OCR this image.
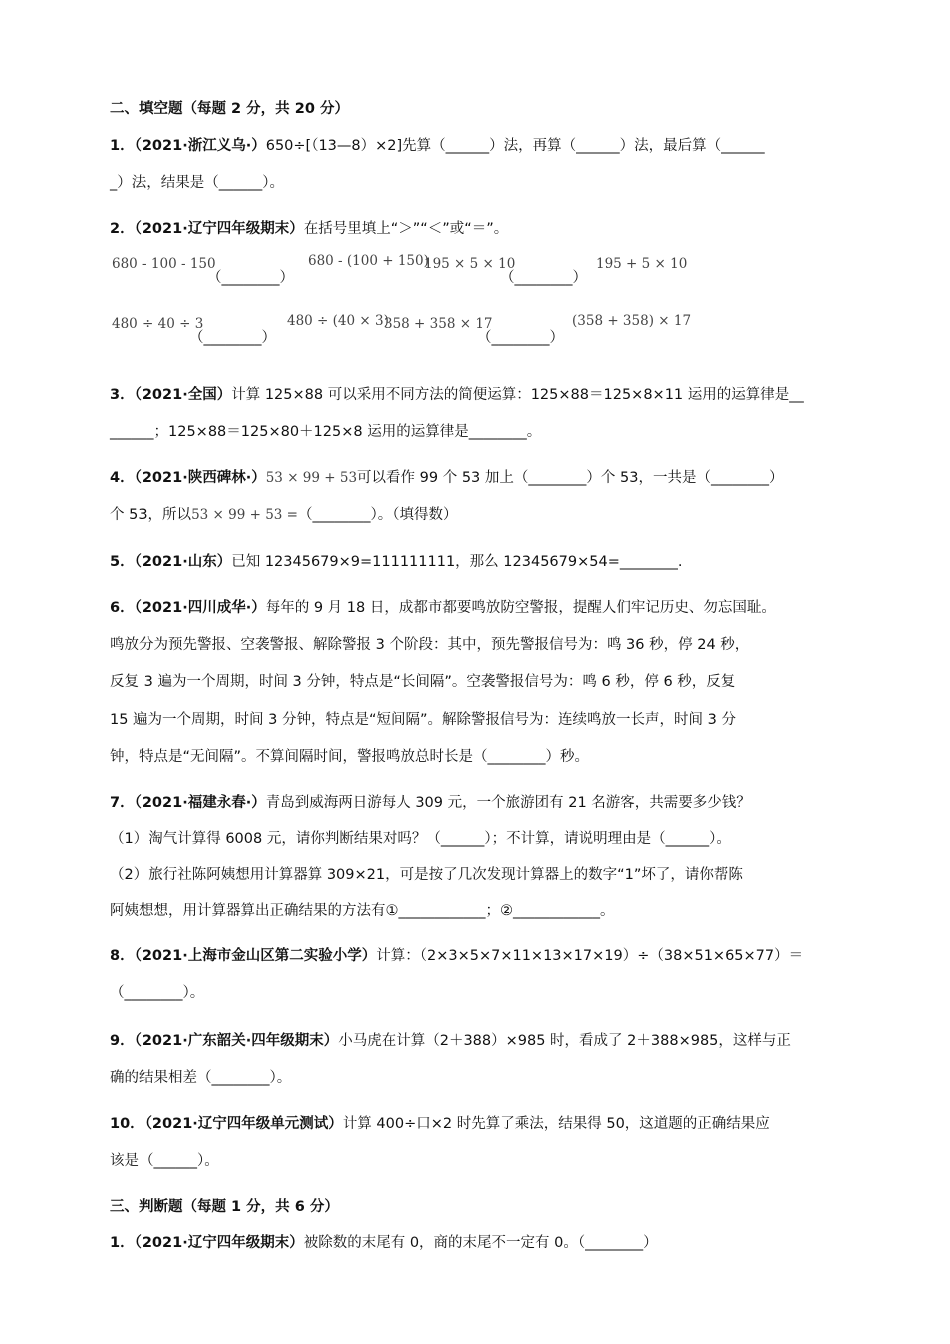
二、填空题（每题 2 分，共 20 分）
1．（2021·浙江义乌·）650÷[（13—8）×2]先算（______）法，再算（______）法，最后算（______
_）法，结果是（______）。
2．（2021·辽宁四年级期末）在括号里填上“＞”“＜”或“＝”。
680 - 100 - 150
（________）
680 - (100 + 150)
195 × 5 × 10
（________）
195 + 5 × 10
480 ÷ 40 ÷ 3
（________）
480 ÷ (40 × 3)
358 + 358 × 17
（________）
(358 + 358) × 17
3．（2021·全国）计算 125×88 可以采用不同方法的简便运算：125×88＝125×8×11 运用的运算律是__
______；125×88＝125×80＋125×8 运用的运算律是________。
4．（2021·陕西碑林·）53 × 99 + 53可以看作 99 个 53 加上（________）个 53，一共是（________）
个 53，所以53 × 99 + 53 =（________）。（填得数）
5．（2021·山东）已知 12345679×9=111111111，那么 12345679×54=________.
6．（2021·四川成华·）每年的 9 月 18 日，成都市都要鸣放防空警报，提醒人们牢记历史、勿忘国耻。
鸣放分为预先警报、空袭警报、解除警报 3 个阶段：其中，预先警报信号为：鸣 36 秒，停 24 秒，
反复 3 遍为一个周期，时间 3 分钟，特点是“长间隔”。空袭警报信号为：鸣 6 秒，停 6 秒，反复
15 遍为一个周期，时间 3 分钟，特点是“短间隔”。解除警报信号为：连续鸣放一长声，时间 3 分
钟，特点是“无间隔”。不算间隔时间，警报鸣放总时长是（________）秒。
7．（2021·福建永春·）青岛到威海两日游每人 309 元，一个旅游团有 21 名游客，共需要多少钱？
（1）淘气计算得 6008 元，请你判断结果对吗？（______）；不计算，请说明理由是（______）。
（2）旅行社陈阿姨想用计算器算 309×21，可是按了几次发现计算器上的数字“1”坏了，请你帮陈
阿姨想想，用计算器算出正确结果的方法有①____________；②____________。
8．（2021·上海市金山区第二实验小学）计算：（2×3×5×7×11×13×17×19）÷（38×51×65×77）＝
（________）。
9．（2021·广东韶关·四年级期末）小马虎在计算（2＋388）×985 时，看成了 2＋388×985，这样与正
确的结果相差（________）。
10．（2021·辽宁四年级单元测试）计算 400÷口×2 时先算了乘法，结果得 50，这道题的正确结果应
该是（______）。
三、判断题（每题 1 分，共 6 分）
1．（2021·辽宁四年级期末）被除数的末尾有 0，商的末尾不一定有 0。（________）
